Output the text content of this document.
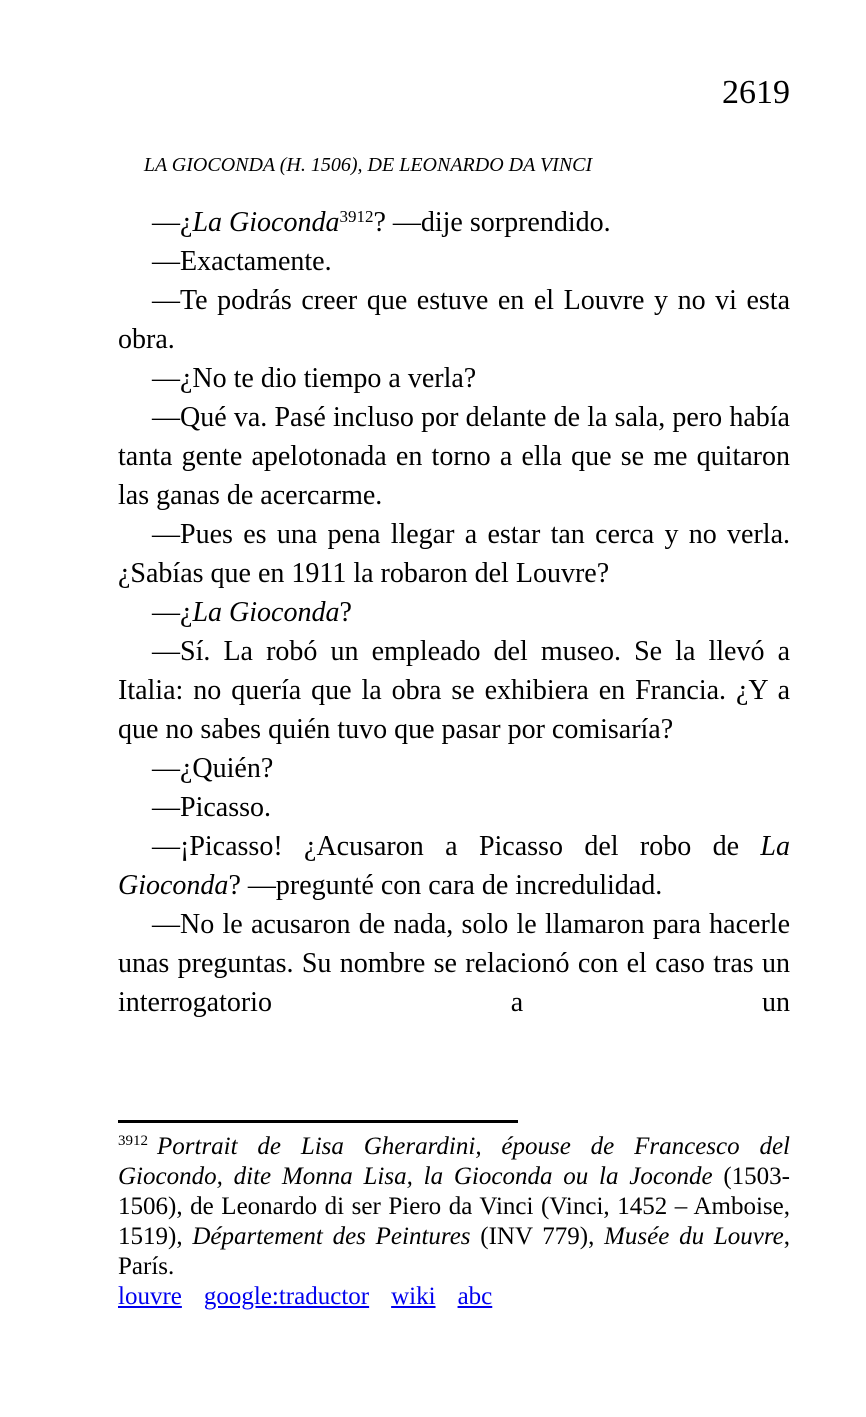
2619
LA GIOCONDA (H. 1506), DE LEONARDO DA VINCI

—¿La Gioconda$^{3912}$? —dije sorprendido.

—Exactamente.

—Te podrás creer que estuve en el Louvre y no vi esta obra.

—¿No te dio tiempo a verla?

—Qué va. Pasé incluso por delante de la sala, pero había tanta gente apelotonada en torno a ella que se me quitaron las ganas de acercarme.

—Pues es una pena llegar a estar tan cerca y no verla. ¿Sabías que en 1911 la robaron del Louvre?

—¿La Gioconda?

—Sí. La robó un empleado del museo. Se la llevó a Italia: no quería que la obra se exhibiera en Francia. ¿Y a que no sabes quién tuvo que pasar por comisaría?

—¿Quién?

—Picasso.

—¡Picasso! ¿Acusaron a Picasso del robo de La Gioconda? —pregunté con cara de incredulidad.

—No le acusaron de nada, solo le llamaron para hacerle unas preguntas. Su nombre se relacionó con el caso tras un interrogatorio a un

$^{3912}$ Portrait de Lisa Gherardini, épouse de Francesco del Giocondo, dite Monna Lisa, la Gioconda ou la Joconde (1503-1506), de Leonardo di ser Piero da Vinci (Vinci, 1452 – Amboise, 1519), Département des Peintures (INV 779), Musée du Louvre, París.

louvre google:traductor wiki abc
